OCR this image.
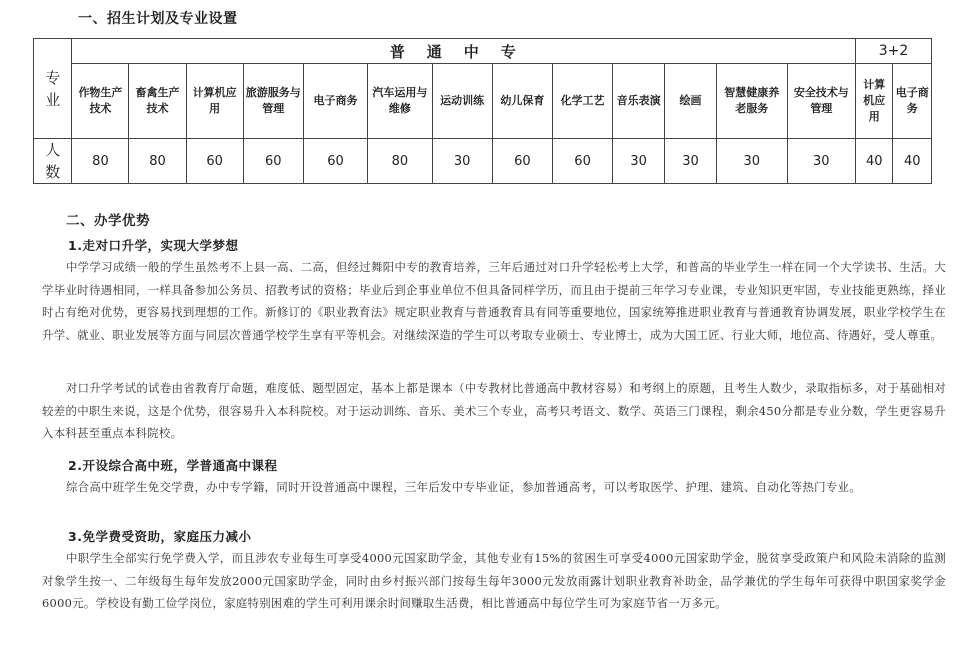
一、招生计划及专业设置
专
业	普通中专													3+2	
	作物生产技术	畜禽生产技术	计算机应用	旅游服务与管理	电子商务	汽车运用与维修	运动训练	幼儿保育	化学工艺	音乐表演	绘画	智慧健康养老服务	安全技术与管理	计算机应用	电子商务
人
数	80	80	60	60	60	80	30	60	60	30	30	30	30	40	40
二、办学优势
1.走对口升学，实现大学梦想
中学学习成绩一般的学生虽然考不上县一高、二高，但经过舞阳中专的教育培养，三年后通过对口升学轻松考上大学，和普高的毕业学生一样在同一个大学读书、生活。大学毕业时待遇相同，一样具备参加公务员、招教考试的资格；毕业后到企事业单位不但具备同样学历，而且由于提前三年学习专业课，专业知识更牢固，专业技能更熟练，择业时占有绝对优势，更容易找到理想的工作。新修订的《职业教育法》规定职业教育与普通教育具有同等重要地位，国家统筹推进职业教育与普通教育协调发展，职业学校学生在升学、就业、职业发展等方面与同层次普通学校学生享有平等机会。对继续深造的学生可以考取专业硕士、专业博士，成为大国工匠、行业大师，地位高、待遇好，受人尊重。
对口升学考试的试卷由省教育厅命题，难度低、题型固定，基本上都是课本（中专教材比普通高中教材容易）和考纲上的原题，且考生人数少，录取指标多，对于基础相对较差的中职生来说，这是个优势，很容易升入本科院校。对于运动训练、音乐、美术三个专业，高考只考语文、数学、英语三门课程，剩余450分都是专业分数，学生更容易升入本科甚至重点本科院校。
2.开设综合高中班，学普通高中课程
综合高中班学生免交学费，办中专学籍，同时开设普通高中课程，三年后发中专毕业证，参加普通高考，可以考取医学、护理、建筑、自动化等热门专业。
3.免学费受资助，家庭压力减小
中职学生全部实行免学费入学，而且涉农专业每生可享受4000元国家助学金，其他专业有15%的贫困生可享受4000元国家助学金，脱贫享受政策户和风险未消除的监测对象学生按一、二年级每生每年发放2000元国家助学金，同时由乡村振兴部门按每生每年3000元发放雨露计划职业教育补助金，品学兼优的学生每年可获得中职国家奖学金6000元。学校设有勤工俭学岗位，家庭特别困难的学生可利用课余时间赚取生活费，相比普通高中每位学生可为家庭节省一万多元。
